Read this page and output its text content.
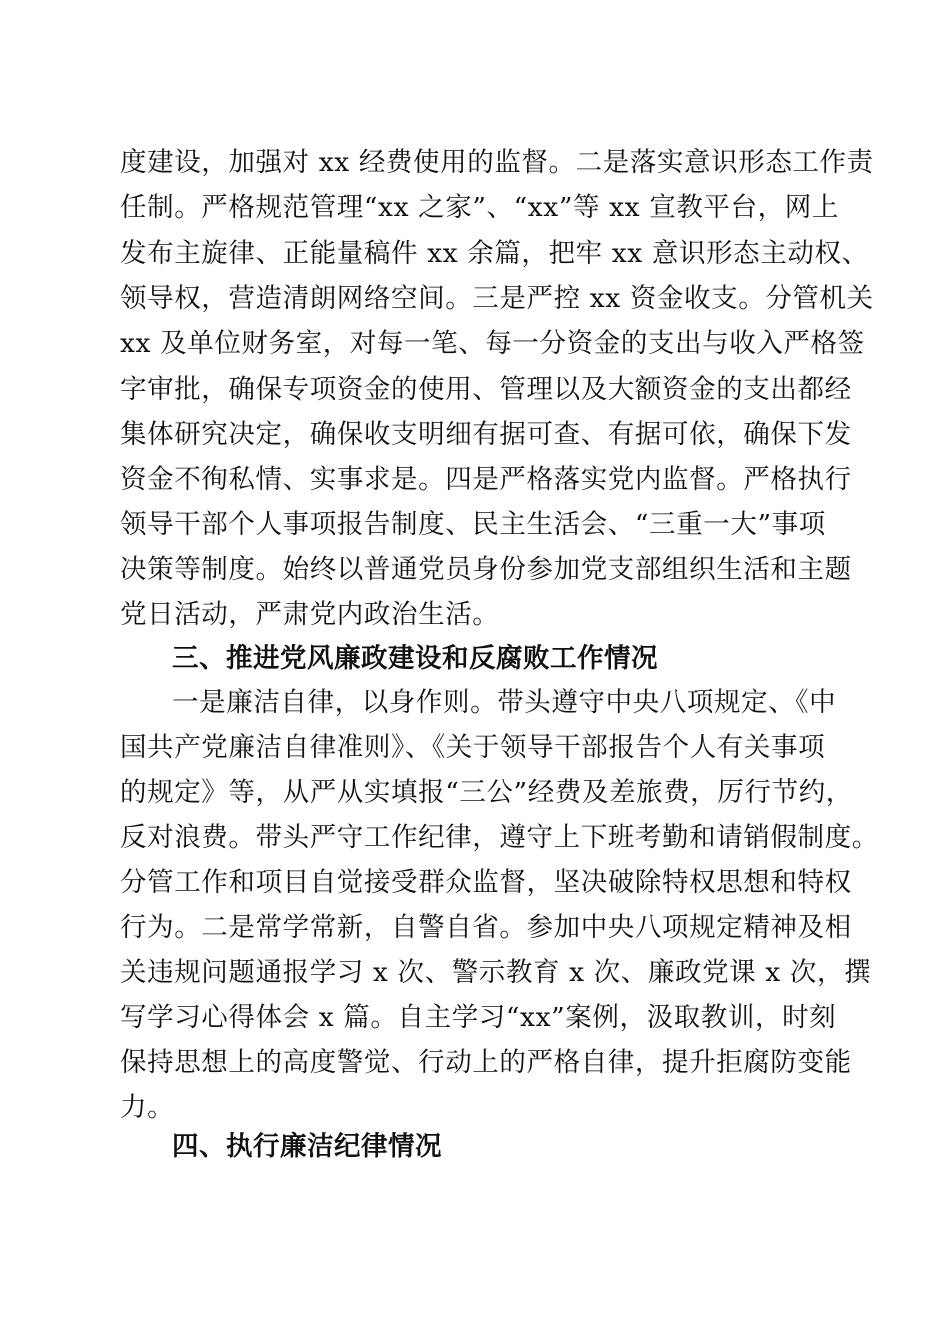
度建设，加强对 xx 经费使用的监督。二是落实意识形态工作责
任制。严格规范管理“xx 之家”、“xx”等 xx 宣教平台，网上
发布主旋律、正能量稿件 xx 余篇，把牢 xx 意识形态主动权、
领导权，营造清朗网络空间。三是严控 xx 资金收支。分管机关
xx 及单位财务室，对每一笔、每一分资金的支出与收入严格签
字审批，确保专项资金的使用、管理以及大额资金的支出都经
集体研究决定，确保收支明细有据可查、有据可依，确保下发
资金不徇私情、实事求是。四是严格落实党内监督。严格执行
领导干部个人事项报告制度、民主生活会、“三重一大”事项
决策等制度。始终以普通党员身份参加党支部组织生活和主题
党日活动，严肃党内政治生活。
三、推进党风廉政建设和反腐败工作情况
一是廉洁自律，以身作则。带头遵守中央八项规定、《中
国共产党廉洁自律准则》、《关于领导干部报告个人有关事项
的规定》等，从严从实填报“三公”经费及差旅费，厉行节约，
反对浪费。带头严守工作纪律，遵守上下班考勤和请销假制度。
分管工作和项目自觉接受群众监督，坚决破除特权思想和特权
行为。二是常学常新，自警自省。参加中央八项规定精神及相
关违规问题通报学习 x 次、警示教育 x 次、廉政党课 x 次，撰
写学习心得体会 x 篇。自主学习“xx”案例，汲取教训，时刻
保持思想上的高度警觉、行动上的严格自律，提升拒腐防变能
力。
四、执行廉洁纪律情况
